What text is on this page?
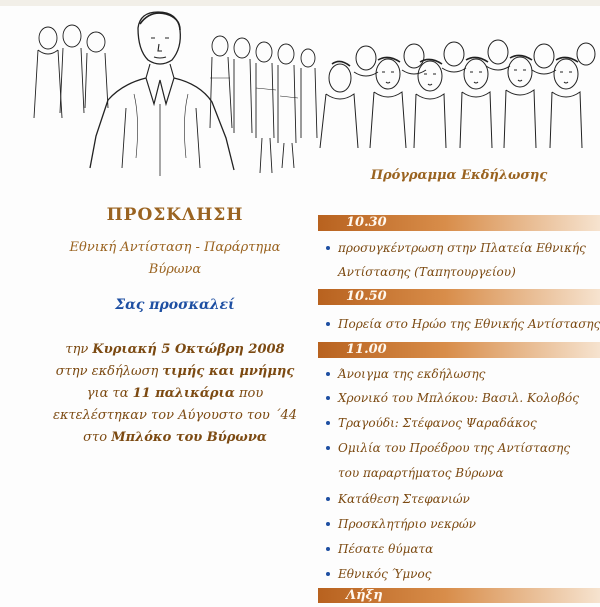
ΠΡΟΣΚΛΗΣΗ
Εθνική Αντίσταση - Παράρτημα
Βύρωνα
Σας προσκαλεί
την Κυριακή 5 Οκτώβρη 2008
στην εκδήλωση τιμής και μνήμης
για τα 11 παλικάρια που
εκτελέστηκαν τον Αύγουστο του ΄44
στο Μπλόκο του Βύρωνα
Πρόγραμμα Εκδήλωσης
10.30
προσυγκέντρωση στην Πλατεία Εθνικής
Αντίστασης (Ταπητουργείου)
10.50
Πορεία στο Ηρώο της Εθνικής Αντίστασης
11.00
Άνοιγμα της εκδήλωσης
Χρονικό του Μπλόκου: Βασιλ. Κολοβός
Τραγούδι: Στέφανος Ψαραδάκος
Ομιλία του Προέδρου της Αντίστασης
του παραρτήματος Βύρωνα
Κατάθεση Στεφανιών
Προσκλητήριο νεκρών
Πέσατε θύματα
Εθνικός Ύμνος
Λήξη
